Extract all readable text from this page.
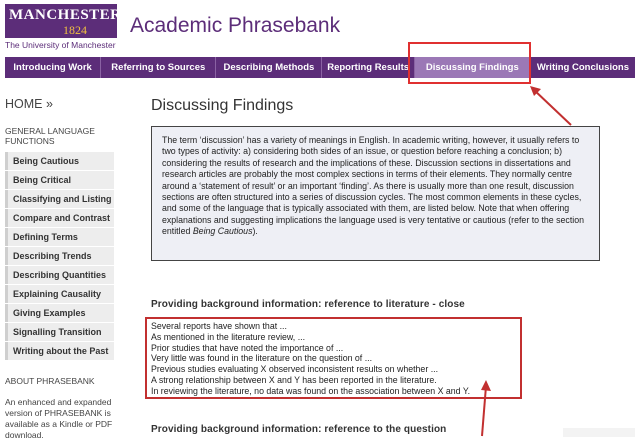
MANCHESTER
1824
The University of Manchester
Academic Phrasebank
Introducing Work	Referring to Sources	Describing Methods	Reporting Results	Discussing Findings	Writing Conclusions
HOME »
GENERAL LANGUAGE FUNCTIONS
Being Cautious
Being Critical
Classifying and Listing
Compare and Contrast
Defining Terms
Describing Trends
Describing Quantities
Explaining Causality
Giving Examples
Signalling Transition
Writing about the Past
ABOUT PHRASEBANK
An enhanced and expanded version of PHRASEBANK is available as a Kindle or PDF download.
Discussing Findings
The term ‘discussion’ has a variety of meanings in English. In academic writing, however, it usually refers to two types of activity: a) considering both sides of an issue, or question before reaching a conclusion; b) considering the results of research and the implications of these. Discussion sections in dissertations and research articles are probably the most complex sections in terms of their elements. They normally centre around a ‘statement of result’ or an important ‘finding’. As there is usually more than one result, discussion sections are often structured into a series of discussion cycles. The most common elements in these cycles, and some of the language that is typically associated with them, are listed below. Note that when offering explanations and suggesting implications the language used is very tentative or cautious (refer to the section entitled Being Cautious).
Providing background information: reference to literature - close
Several reports have shown that ...
As mentioned in the literature review, ...
Prior studies that have noted the importance of ...
Very little was found in the literature on the question of ...
Previous studies evaluating X observed inconsistent results on whether ...
A strong relationship between X and Y has been reported in the literature.
In reviewing the literature, no data was found on the association between X and Y.
Providing background information: reference to the question
